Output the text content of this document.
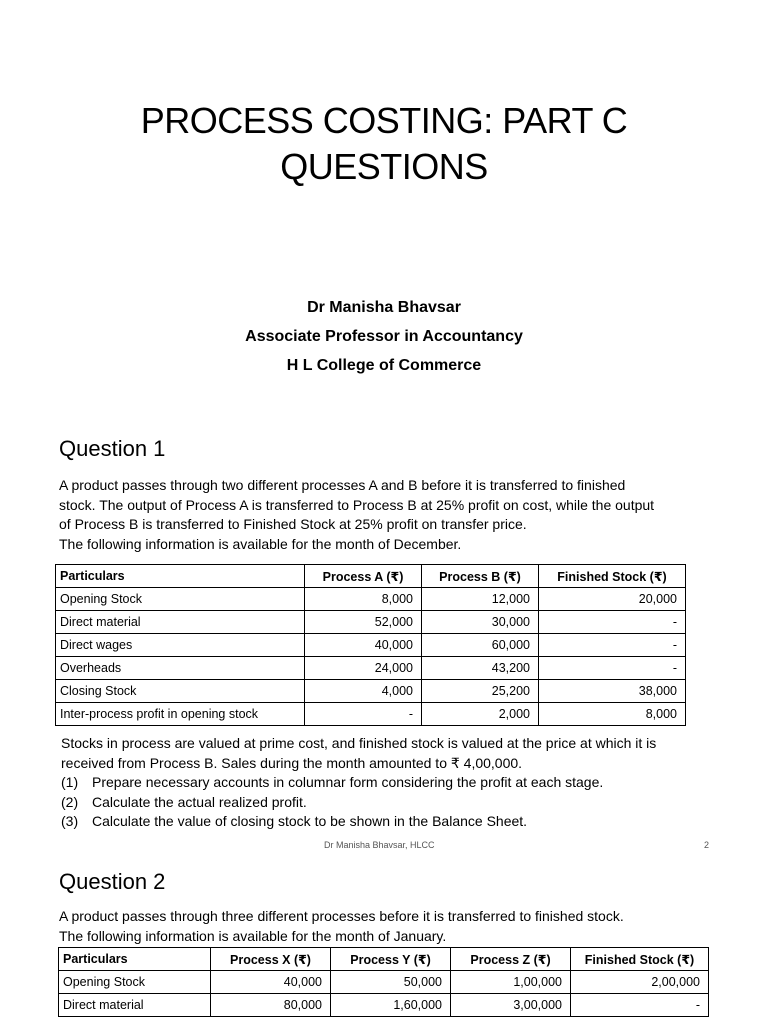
PROCESS COSTING: PART C
QUESTIONS
Dr Manisha Bhavsar
Associate Professor in Accountancy
H L College of Commerce
Question 1
A product passes through two different processes A and B before it is transferred to finished
stock. The output of Process A is transferred to Process B at 25% profit on cost, while the output
of Process B is transferred to Finished Stock at 25% profit on transfer price.
The following information is available for the month of December.
Particulars	Process A (₹)	Process B (₹)	Finished Stock (₹)
Opening Stock	8,000	12,000	20,000
Direct material	52,000	30,000	-
Direct wages	40,000	60,000	-
Overheads	24,000	43,200	-
Closing Stock	4,000	25,200	38,000
Inter-process profit in opening stock	-	2,000	8,000
Stocks in process are valued at prime cost, and finished stock is valued at the price at which it is
received from Process B. Sales during the month amounted to ₹ 4,00,000.
(1) Prepare necessary accounts in columnar form considering the profit at each stage.
(2) Calculate the actual realized profit.
(3) Calculate the value of closing stock to be shown in the Balance Sheet.
Dr Manisha Bhavsar, HLCC	2
Question 2
A product passes through three different processes before it is transferred to finished stock.
The following information is available for the month of January.
Particulars	Process X (₹)	Process Y (₹)	Process Z (₹)	Finished Stock (₹)
Opening Stock	40,000	50,000	1,00,000	2,00,000
Direct material	80,000	1,60,000	3,00,000	-
